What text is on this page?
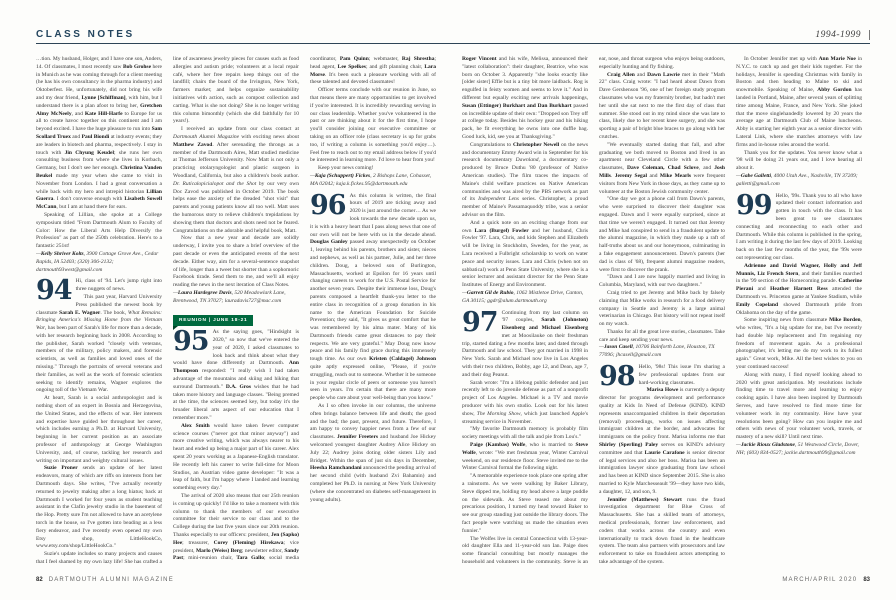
CLASS NOTES	1994-1999

…tion. My husband, Holger, and I have one son, Anders, 14. Of classmates, I most recently saw Bob Grohse here in Munich as he was coming through for a client meeting (he has his own consultancy in the pharma industry) and Oktoberfest. He, unfortunately, did not bring his wife and my dear friend, Lynne [Schiffman], with him, but I understand there is a plan afoot to bring her, Gretchen Almy McNeely, and Kate Hill-Harfe to Europe for us all to create havoc together on this continent and I am beyond excited. I have the huge pleasure to run into Sam Scollard Truex and Paul Biondi at industry events; they are leaders in biotech and pharma, respectively. I stay in touch with Jin Chyung Keudel; she runs her own consulting business from where she lives in Korbach, Germany, but I don't see her enough. Christina Vanden Beukel made my year when she came to visit in November from London. I had a great conversation a while back with my hero and intrepid historian Lillian Guerra. I don't converse enough with Lisabeth Sowell McCann, but I am at hand there for ears.

Speaking of Lillian, she spoke at a College symposium titled "From Dartmouth Alum to Faculty of Color: How the Liberal Arts Help Diversify the Profession" as part of the 250th celebration. Here's to a fantastic 251st!

—Kelly Shriver Kolts, 3900 Cottage Grove Ave., Cedar Rapids, IA 52403; (320) 306-2132; dartmouth93west@gmail.com

94 Hi, class of '94. Let's jump right into three nuggets of news.

This past year, Harvard University Press published the newest book by classmate Sarah E. Wagner. The book, What Remains: Bringing America's Missing Home from the Vietnam War, has been part of Sarah's life for more than a decade, with her research beginning back in 2008. According to the publisher, Sarah worked "closely with veterans, members of the military, policy makers, and forensic scientists, as well as families and loved ones of the missing." Through the portraits of several veterans and their families, as well as the work of forensic scientists seeking to identify remains, Wagner explores the ongoing toll of the Vietnam War.

At heart, Sarah is a social anthropologist and is nothing short of an expert in Bosnia and Herzegovina, the United States, and the effects of war. Her interests and expertise have guided her throughout her career, which includes earning a Ph.D. at Harvard University, beginning in her current position as an associate professor of anthropology at George Washington University, and, of course, tackling her research and writing on important and weighty cultural issues.

Suzie Proner sends an update of her latest endeavors, many of which are riffs on interests from her Dartmouth days. She writes, "I've actually recently returned to jewelry making after a long hiatus; back at Dartmouth I worked for four years as student teaching assistant in the Clafin jewelry studio in the basement of the Hop. Pretty sure I'm not allowed to have an acetylene torch in the house, so I've gotten into beading as a less fiery endeavor, and I've recently even opened my own Etsy shop, LittleHookCo, www.etsy.com/shop/LittleHookCo."

Suzie's update includes so many projects and causes that I feel shamed by my own lazy life! She has crafted a line of awareness jewelry pieces for causes such as food allergies and autism pride; volunteers at a local repair café, where her free repairs keep things out of the landfill; chairs the board of the Irvington, New York, farmers market; and helps organize sustainability initiatives with action, such as compost collection and carting. What is she not doing? She is no longer writing this column bimonthly (which she did faithfully for 10 years!).

I received an update from our class contact at Dartmouth Alumni Magazine with exciting news about Matthew Zavod. After serenading the throngs as a member of the Dartmouth Aires, Matt studied medicine at Thomas Jefferson University. Now Matt is not only a practicing otolaryngologist and plastic surgeon in Woodland, California, but also a children's book author. Dr. Ruticalopicialopot and the Shot by our very own Doc Zavod was published in October 2019. The book helps ease the anxiety of the dreaded "shot visit" that parents and young patients know all too well. Matt uses the humorous story to relieve children's trepidations by showing them that doctors and shots need not be feared. Congratulations on the adorable and helpful book, Matt.

Now that a new year and decade are solidly underway, I invite you to share a brief overview of the past decade or even the anticipated events of the next decade. Either way, aim for a several-sentence snapshot of life, longer than a tweet but shorter than a sophomoric Facebook tirade. Send them to me, and we'll all enjoy reading the news in the next iteration of Class Notes.

—Laura Hardegree Davis, 520 Meadowlark Lane, Brentwood, TN 37027; lauradavis727@mac.com

REUNION | JUNE 18-21
95 As the saying goes, "Hindsight is 2020," so now that we've entered the year of 2020, I asked classmates to look back and think about what they would have done differently at Dartmouth. Ann Thompson responded: "I really wish I had taken advantage of the mountains and skiing and hiking that surround Dartmouth." D.A. Gros wishes that he had taken more history and language classes. "Being premed at the time, the sciences seemed key, but today it's the broader liberal arts aspect of our education that I remember more."

Alex Smith would have taken fewer computer science courses ("never got that minor anyway") and more creative writing, which was always nearer to his heart and ended up being a major part of his career. Alex spent 20 years working as a Japanese-English translator. He recently left his career to write full-time for Moon Studios, an Austrian video game developer: "It was a leap of faith, but I'm happy where I landed and learning something every day."

The arrival of 2020 also means that our 25th reunion is coming up quickly! I'd like to take a moment with this column to thank the members of our executive committee for their service to our class and to the College during the last five years since our 20th reunion. Thanks especially to our officers: president, Jen (Sapko) Hee; treasurer, Corey (Fleming) Hirekawa; vice president, Marlo (Weiss) Berg; newsletter editor, Sandy Past; mini-reunion chair, Tara Gallo; social media coordinator, Pam Quinn; webmaster, Raj Shrestha; head agent, Lee Spelkes; and gift planning chair, Lara Morse. It's been such a pleasure working with all of these talented and devoted classmates!

Officer terms conclude with our reunion in June, so that means there are many opportunities to get involved if you're interested. It is incredibly rewarding serving in our class leadership. Whether you've volunteered in the past or are thinking about it for the first time, I hope you'll consider joining our executive committee or taking on an officer role (class secretary is up for grabs too, if writing a column is something you'd enjoy…). Feel free to reach out to my email address below if you'd be interested in learning more. I'd love to hear from you!

Keep your news coming!

—Kaja (Schuppert) Fickes, 2 Bishops Lane, Cohasset, MA 02042; kaja.k.fickes.95@dartmouth.edu

96 As this column is written, the final hours of 2019 are ticking away and 2020 is just around the corner… As we look towards the new decade upon us, it is with a heavy heart that I pass along news that one of our own will not be here with us in the decade ahead. Douglas Ganley passed away unexpectedly on October 1, leaving behind his parents, brothers and sister, nieces and nephews, as well as his partner, Julie, and her three children. Doug, a beloved son of Burlington, Massachusetts, worked at Epsilon for 16 years until changing careers to work for the U.S. Postal Service for another seven years. Despite their immense loss, Doug's parents composed a heartfelt thank-you letter to the entire class in recognition of a group donation in his name to the American Foundation for Suicide Prevention; they said, "It gives us great comfort that he was remembered by his alma mater. Many of his Dartmouth friends came great distances to pay their respects. We are very grateful." May Doug now know peace and his family find grace during this immensely tough time. As our own Kristen (Caldagel) Johnson quite aptly expressed online, "Please, if you're struggling, reach out to someone. Whether it be someone in your regular circle of peers or someone you haven't seen in years. I'm certain that there are many more people who care about your well-being than you know."

As I so often invoke in our columns, the universe often brings balance between life and death; the good and the bad; the past, present, and future. Therefore, I am happy to convey happier news from a few of our classmates. Jennifer Freeters and husband Joe Hickey welcomed youngest daughter Audrey Alice Hickey on July 22; Audrey joins doting older sisters Lily and Bridget. Within the span of just six days in December, Heesha Ramchandani announced the pending arrival of her second child (with husband Zvi Bahamin) and completed her Ph.D. in nursing at New York University (where she concentrated on diabetes self-management in young adults).

Roger Vincent and his wife, Melissa, announced their "latest collaboration": their daughter, Beatrice, who was born on October 3. Apparently "she looks exactly like [older sister] Effie but is a tiny bit more laidback. Rog is engulfed in feisty women and seems to love it." And in different but equally exciting new arrivals happenings, Susan (Ettinger) Burkhart and Dan Burkhart passed on incredible update of their own: "Dropped son Trey off at college today. Besides his hockey gear and his hiking pack, he fit everything he owns into one duffle bag. Good luck, kid, see you at Thanksgiving."

Congratulations to Christopher Newell on the news and documentary Emmy Award win in September for his research documentary Dawnland, a documentary co-produced by Bruce Duthu '80 (professor of Native American studies). The film traces the impacts of Maine's child welfare practices on Native American communities and was aired by the PBS network as part of its Independent Lens series. Christopher, a proud member of Maine's Passamaquoddy tribe, was a senior advisor on the film.

And a quick note on an exciting change from our own Lara (Burgel) Fowler and her husband, Chris Fowler '97. Lara, Chris, and kids Stephen and Elizabeth will be living in Stockholm, Sweden, for the year, as Lara received a Fulbright scholarship to work on water peace and security issues. Lara and Chris (when not on sabbatical) work at Penn State University, where she is a senior lecturer and assistant director for the Penn State Institutes of Energy and Environment.

—Garrett Gil de Rubio, 1062 Mistletoe Drive, Canton, GA 30115; ggdr@alum.dartmouth.org

97 Continuing from my last column on '97 couples, Sarah (Johnston) Eisenberg and Michael Eisenberg met at Moosilauke on their freshman trip, started dating a few months later, and dated through Dartmouth and law school. They got married in 1998 in New York. Sarah and Michael now live in Los Angeles with their two children, Bobby, age 12, and Dean, age 7, and their dog Peanut.

Sarah wrote: "I'm a lifelong public defender and just recently left to do juvenile defense as part of a nonprofit project of Los Angeles. Michael is a TV and movie producer with his own studio. Look out for his latest show, The Morning Show, which just launched Apple's streaming service in November.

"My favorite Dartmouth memory is probably film society meetings with all the talk and pie from Lou's."

Paige (Kambas) Wolfe, who is married to Steve Wolfe, wrote: "We met freshman year, Winter Carnival weekend, on our residence floor. Steve invited me to the Winter Carnival formal the following night.

"A memorable experience took place one spring after a rainstorm. As we were walking by Baker Library, Steve dipped me, holding my head above a large puddle on the sidewalk. As Steve teased me about my precarious position, I turned my head toward Baker to see our group standing just outside the library doors. The fact people were watching us made the situation even funnier."

The Wolfes live in central Connecticut with 13-year-old daughter Ella and 11-year-old son Ian. Paige does some financial consulting but mostly manages the household and volunteers in the community. Steve is an ear, nose, and throat surgeon who enjoys being outdoors, especially hunting and fly fishing.

Craig Allen and Dawn Lawrie met in their "Math 22" class. Craig wrote: "I had heard about Dawn from Dave Gershenson '96, one of her foreign study program classmates who was my fraternity brother, but hadn't met her until she sat next to me the first day of class that summer. She stood out in my mind since she was late to class, likely due to her recent knee surgery, and she was sporting a pair of bright blue braces to go along with her crutches.

"We eventually started dating that fall, and after graduating we both moved to Boston and lived in an apartment near Cleveland Circle with a few other classmates, Dave Coleman, Chad Sclove, and Josh Mills. Jeremy Segal and Mike Mearls were frequent visitors from New York in those days, as they came up to volunteer at the Boston Jewish community center.

"One day we got a phone call from Dawn's parents, who were surprised to discover their daughter was engaged. Dawn and I were equally surprised, since at that time we weren't engaged. It turned out that Jeremy and Mike had conspired to send in a fraudulent update to the alumni magazine, in which they made up a raft of half-truths about us and our honeymoon, culminating in a fake engagement announcement. Dawn's parents (her dad is class of '68), frequent alumni magazine readers, were first to discover the prank.

"Dawn and I are now happily married and living in Columbia, Maryland, with our two daughters."

Craig tried to get Jeremy and Mike back by falsely claiming that Mike works in research for a food delivery company in Seattle and Jeremy is a large animal veterinarian in Chicago. But history will not repeat itself on my watch.

Thanks for all the great love stories, classmates. Take care and keep sending your news.

—Jason Casell, 10706 Bainforth Lane, Houston, TX 77096; jhcasell@gmail.com

98 Hello, '98s! This issue I'm sharing a few professional updates from our hard-working classmates.

Marisa Howe is currently a deputy director for programs development and performance quality at Kids In Need of Defense (KIND). KIND represents unaccompanied children in their deportation (removal) proceedings, works on issues affecting immigrant children at the border, and advocates for immigrants on the policy front. Marisa informs me that Shirley (Sperling) Paley serves on KIND's advisory committee and that Laurie Carafone is senior director of legal services and also her boss. Marisa has been an immigration lawyer since graduating from law school and has been at KIND since September 2015. She is also married to Kyle Marchesseault '99—they have two kids, a daughter, 12, and son, 9.

Jennifer (Matthews) Stewart runs the fraud investigation department for Blue Cross of Massachusetts. She has a skilled team of attorneys, medical professionals, former law enforcement, and coders that works across the country and even internationally to track down fraud in the healthcare system. The team also partners with prosecutors and law enforcement to take on fraudulent actors attempting to take advantage of the system.

In October Jennifer met up with Ann Marie Noe in N.Y.C. to catch up and get their kids together. For the holidays, Jennifer is spending Christmas with family in Boston and then heading to Maine to ski and snowmobile. Speaking of Maine, Abby Gordon has landed in Portland, Maine, after several years of splitting time among Maine, France, and New York. She joked that the move singlehandedly lowered by 20 years the average age at Dartmouth Club of Maine luncheons. Abby is starting her eighth year as a senior director with Lateral Link, where she matches attorneys with law firms and in-house roles around the world.

Thank you for the updates. You never know what a '98 will be doing 21 years out, and I love hearing all about it.

—Gabe Galletti, 4000 Utah Ave., Nashville, TN 37209; galletti@gmail.com

99 Hello, '99s. Thank you to all who have updated their contact information and gotten in touch with the class. It has been great to see classmates connecting and reconnecting to each other and Dartmouth. While this column is published in the spring, I am writing it during the last few days of 2019. Looking back on the last few months of the year, the '99s were out representing our class.

Adrienne and David Wagner, Holly and Jeff Munnis, Liz French Stern, and their families marched in the '99 section of the Homecoming parade. Catherine Pierani and Heather Harnett Ress attended the Dartmouth vs. Princeton game at Yankee Stadium, while Emily Copeland showed Dartmouth pride from Oklahoma on the day of the game.

Some inspiring news from classmate Mike Borden, who writes, "It's a big update for me, but I've recently had double hip replacement and I'm regaining my freedom of movement again. As a professional photographer, it's letting me do my work to its fullest again." Great work, Mike. All the best wishes to you on your continued success!

Along with many, I find myself looking ahead to 2020 with great anticipation. My resolutions include finding time to travel more and learning to enjoy cooking again. I have also been inspired by Dartmouth Serves, and have resolved to find more time for volunteer work in my community. How have your resolutions been going? How can you inspire me and others with news of your volunteer work, travels, or mastery of a new skill? Until next time.

—Jackie Rioux Gladstone, 51 Westwood Circle, Dover, NH; (603) 834-0527; jackie.dartmouth99@gmail.com

82 DARTMOUTH ALUMNI MAGAZINE	MARCH/APRIL 2020 83
